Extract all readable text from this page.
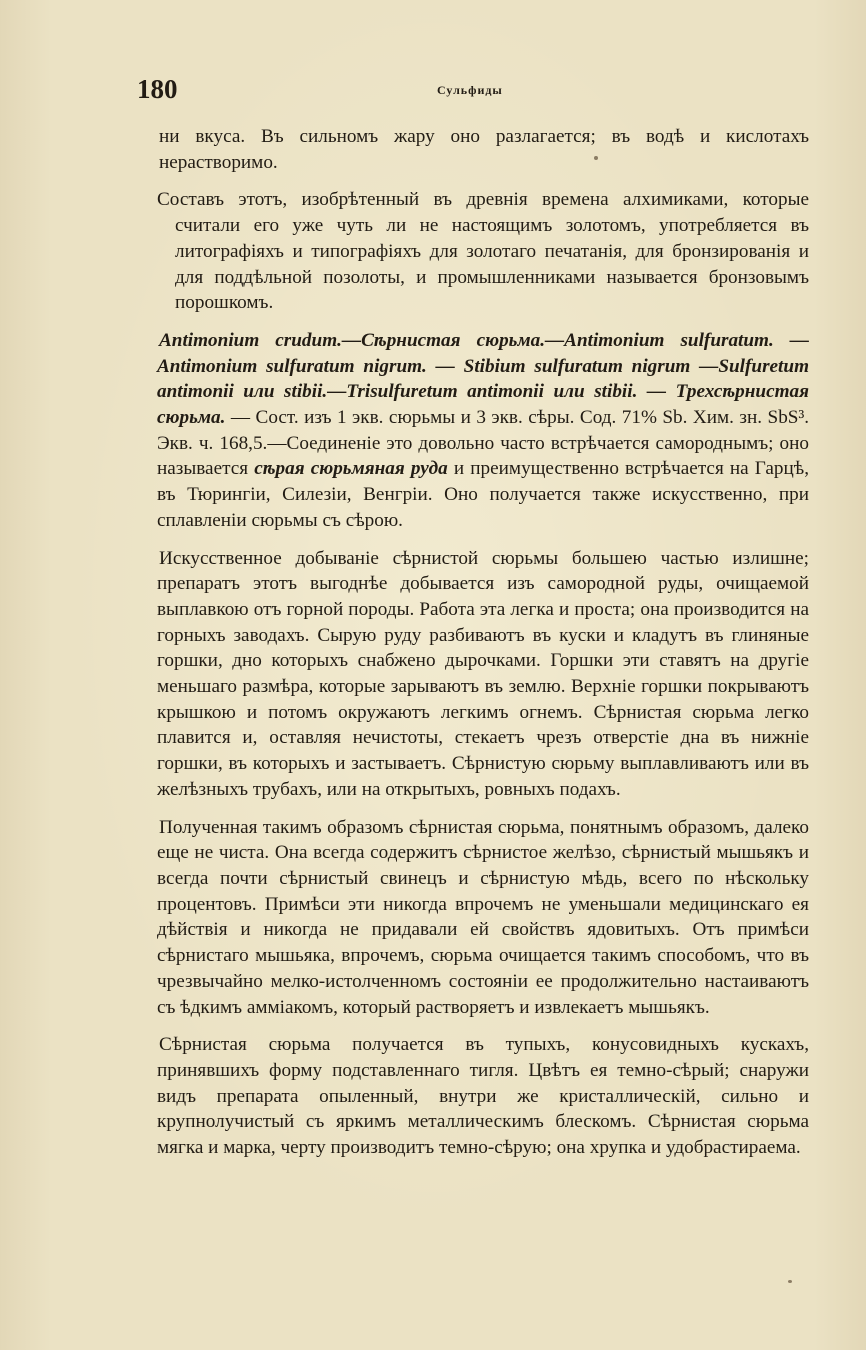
180	Сульфиды

ни вкуса. Въ сильномъ жару оно разлагается; въ водѣ и кислотахъ нерастворимо.

Составъ этотъ, изобрѣтенный въ древнія времена алхимиками, которые считали его уже чуть ли не настоящимъ золотомъ, употребляется въ литографіяхъ и типографіяхъ для золотаго печатанія, для бронзированія и для поддѣльной позолоты, и промышленниками называется бронзовымъ порошкомъ.

Antimonium crudum.—Сѣрнистая сюрьма.—Antimonium sulfuratum. — Antimonium sulfuratum nigrum. — Stibium sulfuratum nigrum —Sulfuretum antimonii или stibii.—Trisulfuretum antimonii или stibii. — Трехсѣрнистая сюрьма. — Сост. изъ 1 экв. сюрьмы и 3 экв. сѣры. Сод. 71% Sb. Хим. зн. SbS³. Экв. ч. 168,5.—Соединеніе это довольно часто встрѣчается самороднымъ; оно называется сѣрая сюрьмяная руда и преимущественно встрѣчается на Гарцѣ, въ Тюрингіи, Силезіи, Венгріи. Оно получается также искусственно, при сплавленіи сюрьмы съ сѣрою.

Искусственное добываніе сѣрнистой сюрьмы большею частью излишне; препаратъ этотъ выгоднѣе добывается изъ самородной руды, очищаемой выплавкою отъ горной породы. Работа эта легка и проста; она производится на горныхъ заводахъ. Сырую руду разбиваютъ въ куски и кладутъ въ глиняные горшки, дно которыхъ снабжено дырочками. Горшки эти ставятъ на другіе меньшаго размѣра, которые зарываютъ въ землю. Верхніе горшки покрываютъ крышкою и потомъ окружаютъ легкимъ огнемъ. Сѣрнистая сюрьма легко плавится и, оставляя нечистоты, стекаетъ чрезъ отверстіе дна въ нижніе горшки, въ которыхъ и застываетъ. Сѣрнистую сюрьму выплавливаютъ или въ желѣзныхъ трубахъ, или на открытыхъ, ровныхъ подахъ.

Полученная такимъ образомъ сѣрнистая сюрьма, понятнымъ образомъ, далеко еще не чиста. Она всегда содержитъ сѣрнистое желѣзо, сѣрнистый мышьякъ и всегда почти сѣрнистый свинецъ и сѣрнистую мѣдь, всего по нѣскольку процентовъ. Примѣси эти никогда впрочемъ не уменьшали медицинскаго ея дѣйствія и никогда не придавали ей свойствъ ядовитыхъ. Отъ примѣси сѣрнистаго мышьяка, впрочемъ, сюрьма очищается такимъ способомъ, что въ чрезвычайно мелко-истолченномъ состояніи ее продолжительно настаиваютъ съ ѣдкимъ амміакомъ, который растворяетъ и извлекаетъ мышьякъ.

Сѣрнистая сюрьма получается въ тупыхъ, конусовидныхъ кускахъ, принявшихъ форму подставленнаго тигля. Цвѣтъ ея темно-сѣрый; снаружи видъ препарата опыленный, внутри же кристаллическій, сильно и крупнолучистый съ яркимъ металлическимъ блескомъ. Сѣрнистая сюрьма мягка и марка, черту производитъ темно-сѣрую; она хрупка и удобрастираема.
